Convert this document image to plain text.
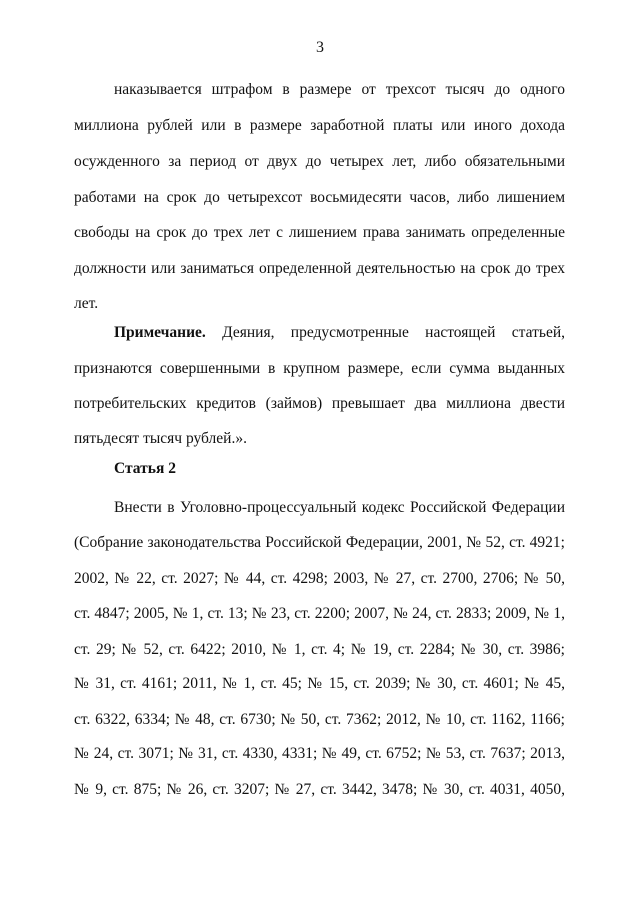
3
наказывается штрафом в размере от трехсот тысяч до одного
миллиона рублей или в размере заработной платы или иного дохода
осужденного за период от двух до четырех лет, либо обязательными
работами на срок до четырехсот восьмидесяти часов, либо лишением
свободы на срок до трех лет с лишением права занимать определенные
должности или заниматься определенной деятельностью на срок до трех
лет.
Примечание. Деяния, предусмотренные настоящей статьей,
признаются совершенными в крупном размере, если сумма выданных
потребительских кредитов (займов) превышает два миллиона двести
пятьдесят тысяч рублей.».
Статья 2
Внести в Уголовно-процессуальный кодекс Российской Федерации
(Собрание законодательства Российской Федерации, 2001, № 52, ст. 4921;
2002, № 22, ст. 2027; № 44, ст. 4298; 2003, № 27, ст. 2700, 2706; № 50,
ст. 4847; 2005, № 1, ст. 13; № 23, ст. 2200; 2007, № 24, ст. 2833; 2009, № 1,
ст. 29; № 52, ст. 6422; 2010, № 1, ст. 4; № 19, ст. 2284; № 30, ст. 3986;
№ 31, ст. 4161; 2011, № 1, ст. 45; № 15, ст. 2039; № 30, ст. 4601; № 45,
ст. 6322, 6334; № 48, ст. 6730; № 50, ст. 7362; 2012, № 10, ст. 1162, 1166;
№ 24, ст. 3071; № 31, ст. 4330, 4331; № 49, ст. 6752; № 53, ст. 7637; 2013,
№ 9, ст. 875; № 26, ст. 3207; № 27, ст. 3442, 3478; № 30, ст. 4031, 4050,
